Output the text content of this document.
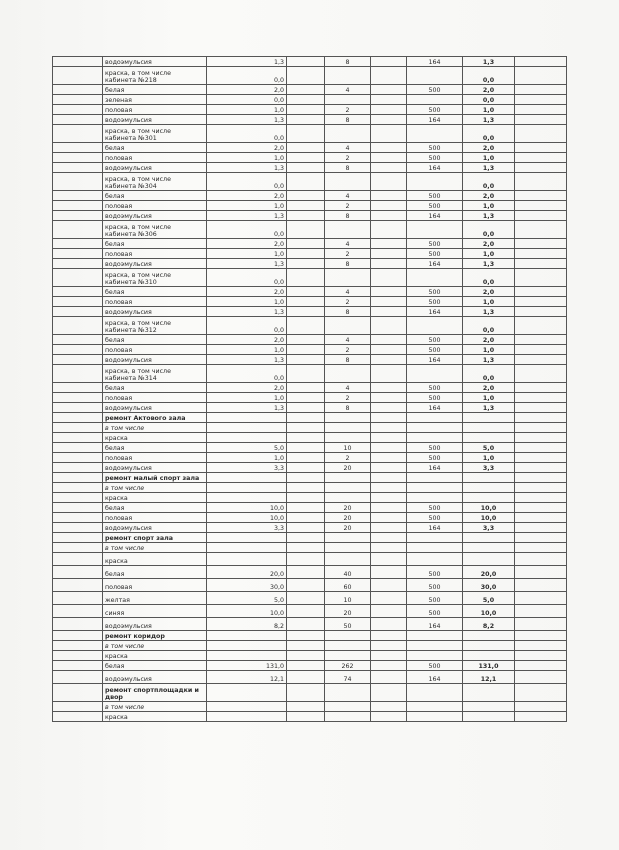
	водоэмульсия	1,3		8		164	1,3	
	краска, в том числе кабинета №218	0,0					0,0	
	белая	2,0		4		500	2,0	
	зеленая	0,0					0,0	
	половая	1,0		2		500	1,0	
	водоэмульсия	1,3		8		164	1,3	
	краска, в том числе кабинета №301	0,0					0,0	
	белая	2,0		4		500	2,0	
	половая	1,0		2		500	1,0	
	водоэмульсия	1,3		8		164	1,3	
	краска, в том числе кабинета №304	0,0					0,0	
	белая	2,0		4		500	2,0	
	половая	1,0		2		500	1,0	
	водоэмульсия	1,3		8		164	1,3	
	краска, в том числе кабинета №306	0,0					0,0	
	белая	2,0		4		500	2,0	
	половая	1,0		2		500	1,0	
	водоэмульсия	1,3		8		164	1,3	
	краска, в том числе кабинета №310	0,0					0,0	
	белая	2,0		4		500	2,0	
	половая	1,0		2		500	1,0	
	водоэмульсия	1,3		8		164	1,3	
	краска, в том числе кабинета №312	0,0					0,0	
	белая	2,0		4		500	2,0	
	половая	1,0		2		500	1,0	
	водоэмульсия	1,3		8		164	1,3	
	краска, в том числе кабинета №314	0,0					0,0	
	белая	2,0		4		500	2,0	
	половая	1,0		2		500	1,0	
	водоэмульсия	1,3		8		164	1,3	
	ремонт Актового зала							
	в том числе							
	краска							
	белая	5,0		10		500	5,0	
	половая	1,0		2		500	1,0	
	водоэмульсия	3,3		20		164	3,3	
	ремонт малый спорт зала							
	в том числе							
	краска							
	белая	10,0		20		500	10,0	
	половая	10,0		20		500	10,0	
	водоэмульсия	3,3		20		164	3,3	
	ремонт спорт зала							
	в том числе							
	краска							
	белая	20,0		40		500	20,0	
	половая	30,0		60		500	30,0	
	желтая	5,0		10		500	5,0	
	синяя	10,0		20		500	10,0	
	водоэмульсия	8,2		50		164	8,2	
	ремонт коридор							
	в том числе							
	краска							
	белая	131,0		262		500	131,0	
	водоэмульсия	12,1		74		164	12,1	
	ремонт спортплощадки и двор							
	в том числе							
	краска							
